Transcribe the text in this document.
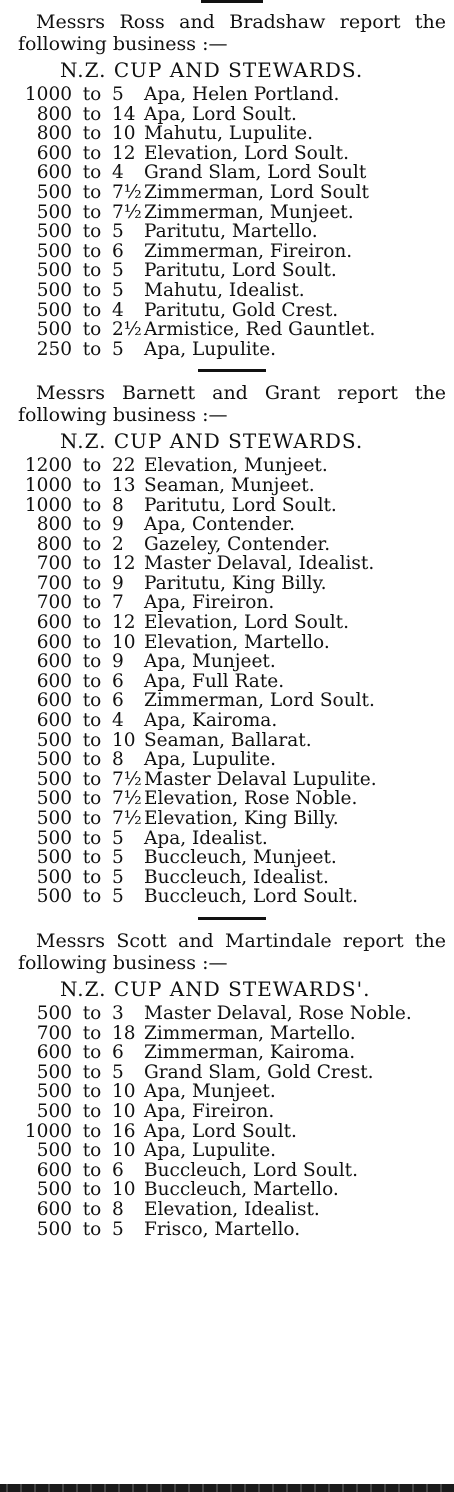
Messrs Ross and Bradshaw report the following business :—

N.Z. CUP AND STEWARDS.
1000 to 5	Apa, Helen Portland.
800 to 14 Apa, Lord Soult.
800 to 10 Mahutu, Lupulite.
600 to 12 Elevation, Lord Soult.
600 to 4	Grand Slam, Lord Soult
500 to 7½ Zimmerman, Lord Soult
500 to 7½ Zimmerman, Munjeet.
500 to 5	Paritutu, Martello.
500 to 6	Zimmerman, Fireiron.
500 to 5	Paritutu, Lord Soult.
500 to 5	Mahutu, Idealist.
500 to 4	Paritutu, Gold Crest.
500 to 2½ Armistice, Red Gauntlet.
250 to 5	Apa, Lupulite.

Messrs Barnett and Grant report the following business :—

N.Z. CUP AND STEWARDS.
1200 to 22 Elevation, Munjeet.
1000 to 13 Seaman, Munjeet.
1000 to 8	Paritutu, Lord Soult.
800 to 9	Apa, Contender.
800 to 2	Gazeley, Contender.
700 to 12 Master Delaval, Idealist.
700 to 9	Paritutu, King Billy.
700 to 7	Apa, Fireiron.
600 to 12 Elevation, Lord Soult.
600 to 10 Elevation, Martello.
600 to 9	Apa, Munjeet.
600 to 6	Apa, Full Rate.
600 to 6	Zimmerman, Lord Soult.
600 to 4	Apa, Kairoma.
500 to 10 Seaman, Ballarat.
500 to 8	Apa, Lupulite.
500 to 7½ Master Delaval Lupulite.
500 to 7½ Elevation, Rose Noble.
500 to 7½ Elevation, King Billy.
500 to 5	Apa, Idealist.
500 to 5	Buccleuch, Munjeet.
500 to 5	Buccleuch, Idealist.
500 to 5	Buccleuch, Lord Soult.

Messrs Scott and Martindale report the following business :—

N.Z. CUP AND STEWARDS'.
500 to 3	Master Delaval, Rose Noble.
700 to 18 Zimmerman, Martello.
600 to 6	Zimmerman, Kairoma.
500 to 5	Grand Slam, Gold Crest.
500 to 10 Apa, Munjeet.
500 to 10 Apa, Fireiron.
1000 to 16 Apa, Lord Soult.
500 to 10 Apa, Lupulite.
600 to 6	Buccleuch, Lord Soult.
500 to 10 Buccleuch, Martello.
600 to 8	Elevation, Idealist.
500 to 5	Frisco, Martello.
